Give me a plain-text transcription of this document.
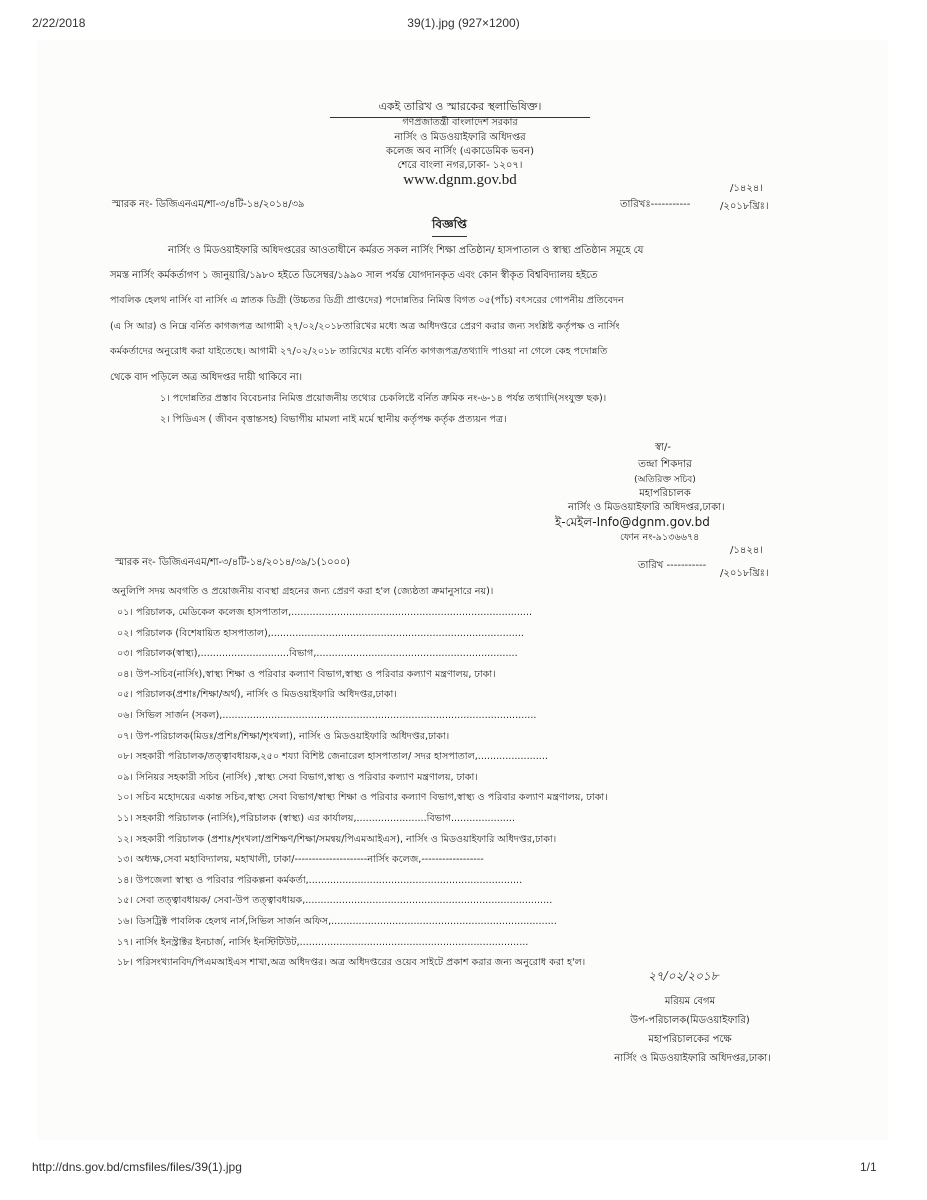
2/22/2018	39(1).jpg (927×1200)
http://dns.gov.bd/cmsfiles/files/39(1).jpg	1/1
একই তারিখ ও স্মারকের স্থলাভিষিক্ত।
গণপ্রজাতন্ত্রী বাংলাদেশ সরকার
নার্সিং ও মিডওয়াইফারি অধিদপ্তর
কলেজ অব নার্সিং (একাডেমিক ভবন)
শেরে বাংলা নগর,ঢাকা- ১২০৭।
www.dgnm.gov.bd
স্মারক নং- ডিজিএনএম/শা-৩/৪টি-১৪/২০১৪/৩৯	তারিখঃ-----------
/১৪২৪।
/২০১৮খ্রিঃ।
বিজ্ঞপ্তি
নার্সিং ও মিডওয়াইফারি অধিদপ্তরের আওতাধীনে কর্মরত সকল নার্সিং শিক্ষা প্রতিষ্ঠান/ হাসপাতাল ও স্বাস্থ্য প্রতিষ্ঠান সমূহে যে
সমস্ত নার্সিং কর্মকর্তাগণ ১ জানুয়ারি/১৯৮০ হইতে ডিসেম্বর/১৯৯০ সাল পর্যন্ত যোগদানকৃত এবং কোন স্বীকৃত বিশ্ববিদ্যালয় হইতে
পাবলিক হেলথ নার্সিং বা নার্সিং এ স্নাতক ডিগ্রী (উচ্চতর ডিগ্রী প্রাপ্তদের) পদোন্নতির নিমিত্ত বিগত ০৫(পাঁচ) বৎসরের গোপনীয় প্রতিবেদন
(এ সি আর) ও নিম্নে বর্নিত কাগজপত্র আগামী ২৭/০২/২০১৮তারিখের মধ্যে অত্র অধিদপ্তরে প্রেরণ করার জন্য সংশ্লিষ্ট কর্তৃপক্ষ ও নার্সিং
কর্মকর্তাদের অনুরোধ করা যাইতেছে। আগামী ২৭/০২/২০১৮ তারিখের মধ্যে বর্নিত কাগজপত্র/তথ্যাদি পাওয়া না গেলে কেহ পদোন্নতি
থেকে বাদ পড়িলে অত্র অধিদপ্তর দায়ী থাকিবে না।
১। পদোন্নতির প্রস্তাব বিবেচনার নিমিত্ত প্রয়োজনীয় তথ্যের চেকলিষ্টে বর্নিত ক্রমিক নং-৬-১৪ পর্যন্ত তথ্যাদি(সংযুক্ত ছক)।
২। পিডিএস ( জীবন বৃত্তান্তসহ) বিভাগীয় মামলা নাই মর্মে স্থানীয় কর্তৃপক্ষ কর্তৃক প্রত্যয়ন পত্র।
স্বা/-
তন্দ্রা শিকদার
(অতিরিক্ত সচিব)
মহাপরিচালক
নার্সিং ও মিডওয়াইফারি অধিদপ্তর,ঢাকা।
ই-মেইল-Info@dgnm.gov.bd
ফোন নং-৯১৩৬৬৭৪
স্মারক নং- ডিজিএনএম/শা-৩/৪টি-১৪/২০১৪/৩৯/১(১০০০)
/১৪২৪।
তারিখ -----------
/২০১৮খ্রিঃ।
অনুলিপি সদয় অবগতি ও প্রয়োজনীয় ব্যবস্থা গ্রহনের জন্য প্রেরণ করা হ'ল (জ্যেষ্ঠতা ক্রমানুসারে নয়)।
০১। পরিচালক, মেডিকেল কলেজ হাসপাতাল,...............................................................................
০২। পরিচালক (বিশেষায়িত হাসপাতাল),...................................................................................
০৩। পরিচালক(স্বাস্থ্য),.............................বিভাগ,..................................................................
০৪। উপ-সচিব(নার্সিং),স্বাস্থ্য শিক্ষা ও পরিবার কল্যাণ বিভাগ,স্বাস্থ্য ও পরিবার কল্যাণ মন্ত্রণালয়, ঢাকা।
০৫। পরিচালক(প্রশাঃ/শিক্ষা/অর্থ), নার্সিং ও মিডওয়াইফারি অধিদপ্তর,ঢাকা।
০৬। সিভিল সার্জন (সকল),.......................................................................................................
০৭। উপ-পরিচালক(মিডঃ/প্রশিঃ/শিক্ষা/শৃংখলা), নার্সিং ও মিডওয়াইফারি অধিদপ্তর,ঢাকা।
০৮। সহকারী পরিচালক/তত্ত্বাবধায়ক,২৫০ শয্যা বিশিষ্ট জেনারেল হাসপাতাল/ সদর হাসপাতাল,.......................
০৯। সিনিয়র সহকারী সচিব (নার্সিং) ,স্বাস্থ্য সেবা বিভাগ,স্বাস্থ্য ও পরিবার কল্যাণ মন্ত্রণালয়, ঢাকা।
১০। সচিব মহোদয়ের একান্ত সচিব,স্বাস্থ্য সেবা বিভাগ/স্বাস্থ্য শিক্ষা ও পরিবার কল্যাণ বিভাগ,স্বাস্থ্য ও পরিবার কল্যাণ মন্ত্রণালয়, ঢাকা।
১১। সহকারী পরিচালক (নার্সিং),পরিচালক (স্বাস্থ্য) এর কার্যালয়,.......................বিভাগ.....................
১২। সহকারী পরিচালক (প্রশাঃ/শৃংখলা/প্রশিক্ষণ/শিক্ষা/সমন্বয়/পিএমআইএস), নার্সিং ও মিডওয়াইফারি অধিদপ্তর,ঢাকা।
১৩। অধ্যক্ষ,সেবা মহাবিদ্যালয়, মহাখালী, ঢাকা/---------------------নার্সিং কলেজ,------------------
১৪। উপজেলা স্বাস্থ্য ও পরিবার পরিকল্পনা কর্মকর্তা,......................................................................
১৫। সেবা তত্ত্বাবধায়ক/ সেবা-উপ তত্ত্বাবধায়ক,.................................................................................
১৬। ডিসট্রিক্ট পাবলিক হেলথ নার্স,সিভিল সার্জন অফিস,..........................................................................
১৭। নার্সিং ইনস্ট্রাক্টর ইনচার্জ, নার্সিং ইনস্টিটিউট,...........................................................................
১৮। পরিসংখ্যানবিদ/পিএমআইএস শাখা,অত্র অধিদপ্তর। অত্র অধিদপ্তরের ওয়েব সাইটে প্রকাশ করার জন্য অনুরোধ করা হ'ল।
২৭/০২/২০১৮
মরিয়ম বেগম
উপ-পরিচালক(মিডওয়াইফারি)
মহাপরিচালকের পক্ষে
নার্সিং ও মিডওয়াইফারি অধিদপ্তর,ঢাকা।
